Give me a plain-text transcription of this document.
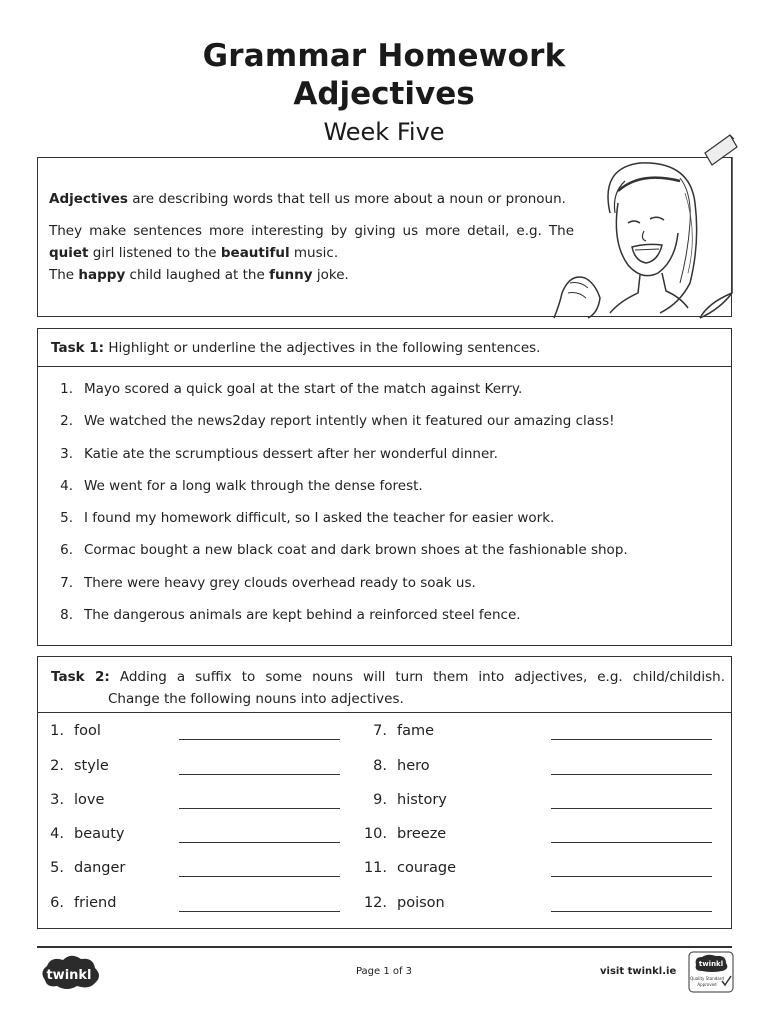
Grammar Homework
Adjectives
Week Five

Adjectives are describing words that tell us more about a noun or pronoun.

They make sentences more interesting by giving us more detail, e.g. The quiet girl listened to the beautiful music.
The happy child laughed at the funny joke.

Task 1: Highlight or underline the adjectives in the following sentences.
1. Mayo scored a quick goal at the start of the match against Kerry.
2. We watched the news2day report intently when it featured our amazing class!
3. Katie ate the scrumptious dessert after her wonderful dinner.
4. We went for a long walk through the dense forest.
5. I found my homework difficult, so I asked the teacher for easier work.
6. Cormac bought a new black coat and dark brown shoes at the fashionable shop.
7. There were heavy grey clouds overhead ready to soak us.
8. The dangerous animals are kept behind a reinforced steel fence.
Task 2: Adding a suffix to some nouns will turn them into adjectives, e.g. child/childish.
Change the following nouns into adjectives.
1. fool
2. style
3. love
4. beauty
5. danger
6. friend
7. fame
8. hero
9. history
10. breeze
11. courage
12. poison
twinkl	Page 1 of 3	visit twinkl.ie
twinkl
Quality Standard
Approved
